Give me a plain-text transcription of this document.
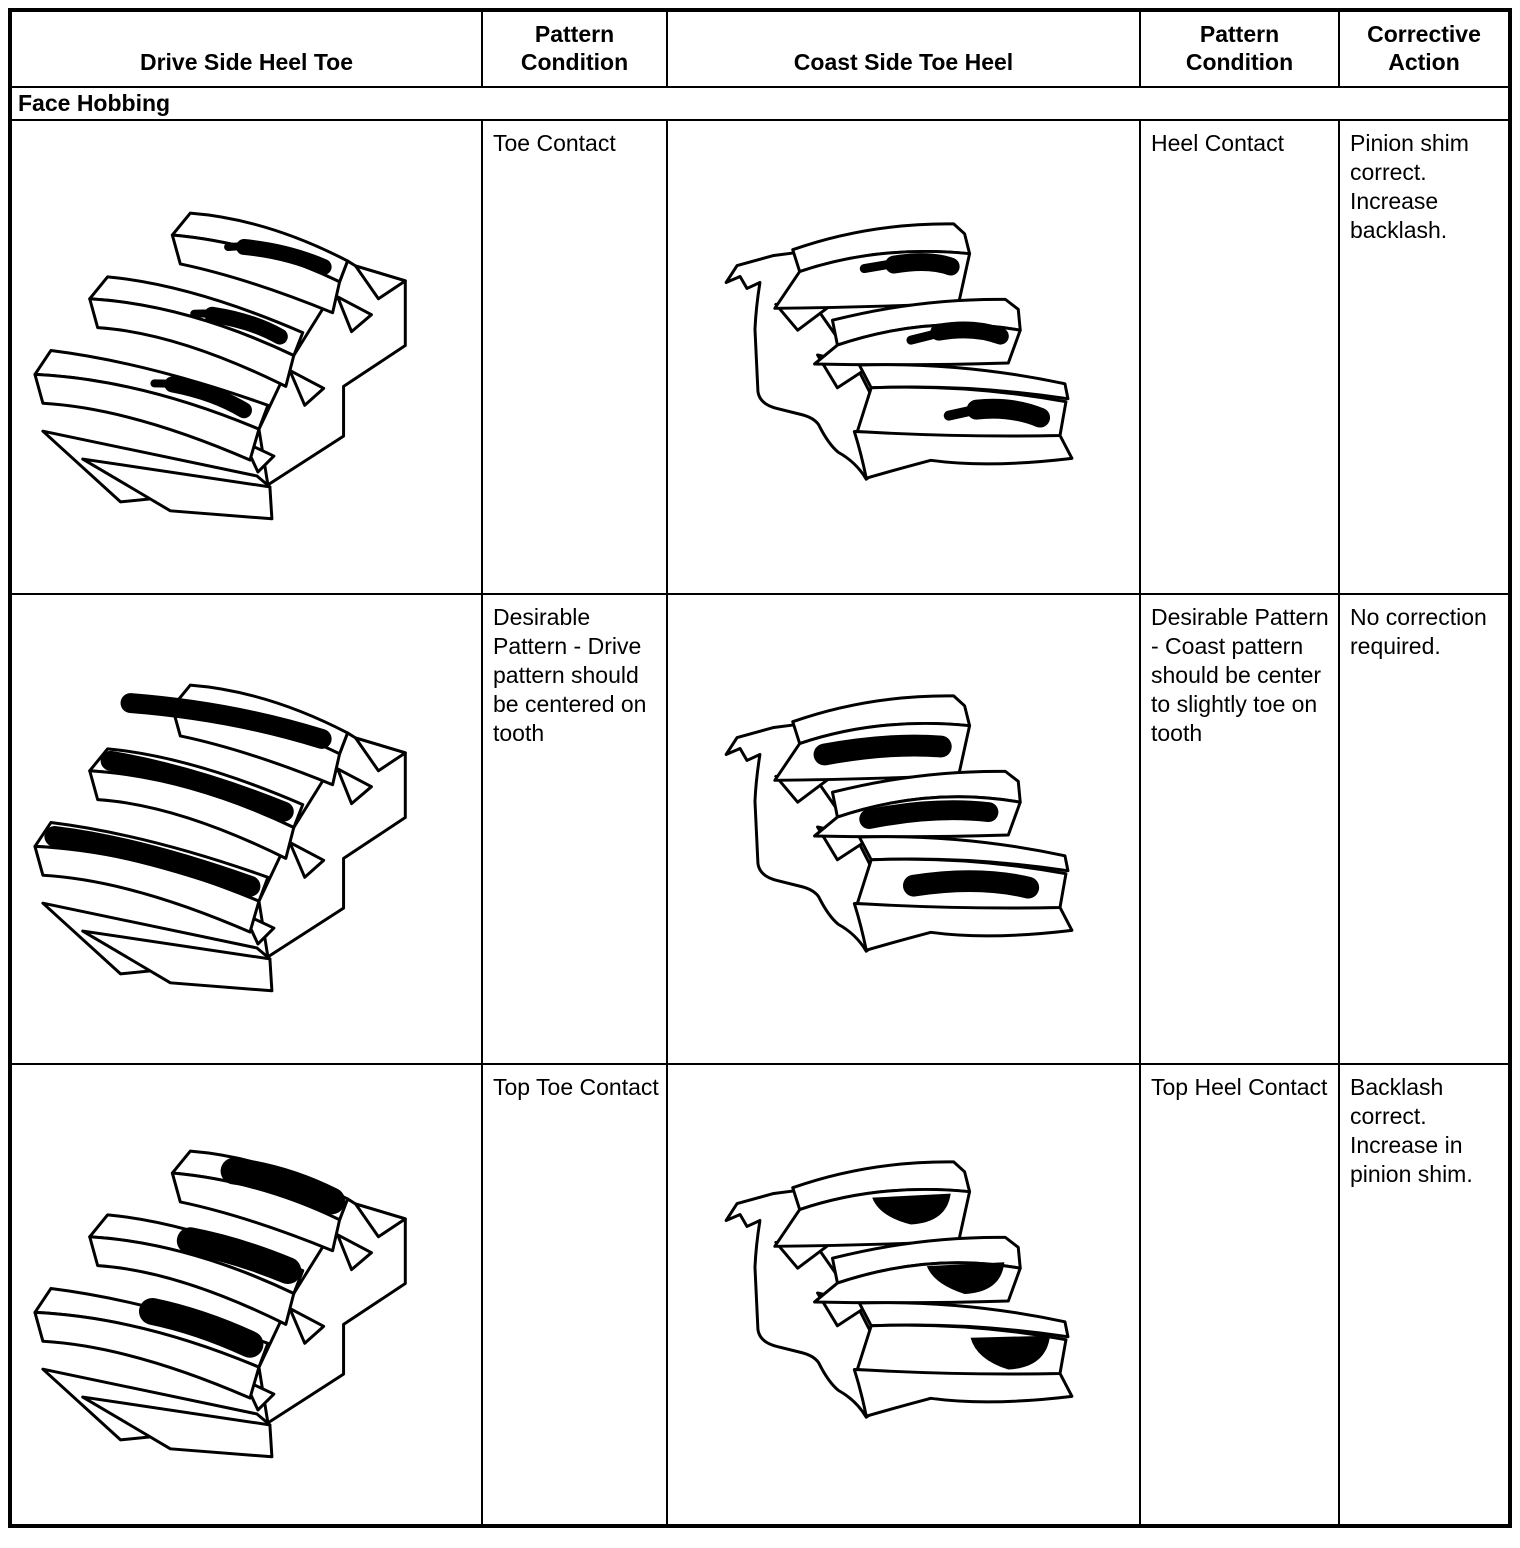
Drive Side Heel Toe	Pattern Condition	Coast Side Toe Heel	Pattern Condition	Corrective Action
Face Hobbing				

	Toe Contact		Heel Contact	Pinion shim correct. Increase backlash.

	Desirable Pattern - Drive pattern should be centered on tooth		Desirable Pattern - Coast pattern should be center to slightly toe on tooth	No correction required.

	Top Toe Contact		Top Heel Contact	Backlash correct. Increase in pinion shim.
